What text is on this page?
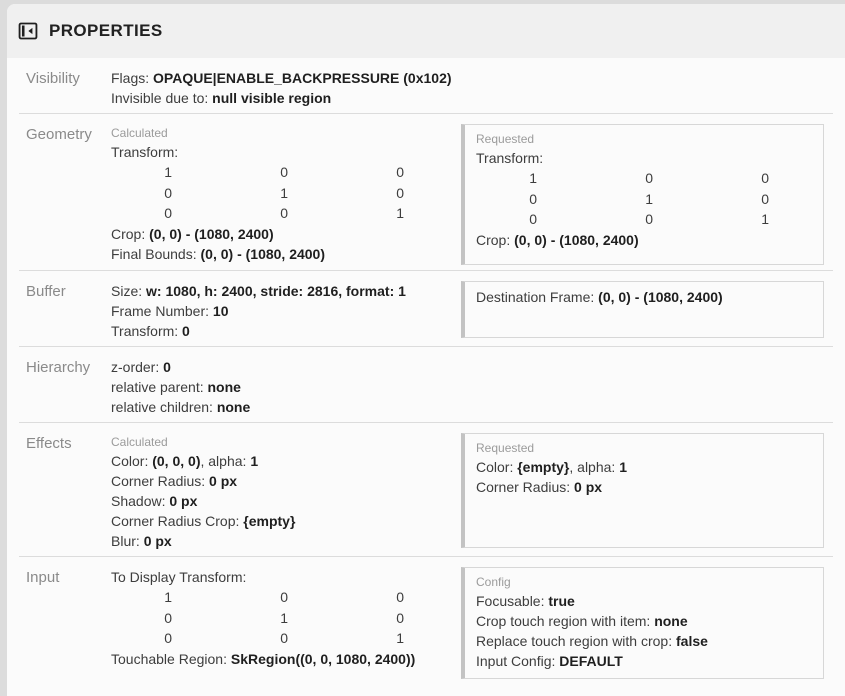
PROPERTIES
Visibility	Flags: OPAQUE|ENABLE_BACKPRESSURE (0x102)
Invisible due to: null visible region
Geometry	Calculated
Transform:
1	0	0
0	1	0
0	0	1
Crop: (0, 0) - (1080, 2400)
Final Bounds: (0, 0) - (1080, 2400)
Requested
Transform:
1	0	0
0	1	0
0	0	1
Crop: (0, 0) - (1080, 2400)
Buffer	Size: w: 1080, h: 2400, stride: 2816, format: 1
Frame Number: 10
Transform: 0
Destination Frame: (0, 0) - (1080, 2400)
Hierarchy	z-order: 0
relative parent: none
relative children: none
Effects	Calculated
Color: (0, 0, 0), alpha: 1
Corner Radius: 0 px
Shadow: 0 px
Corner Radius Crop: {empty}
Blur: 0 px
Requested
Color: {empty}, alpha: 1
Corner Radius: 0 px
Input	To Display Transform:
1	0	0
0	1	0
0	0	1
Touchable Region: SkRegion((0, 0, 1080, 2400))
Config
Focusable: true
Crop touch region with item: none
Replace touch region with crop: false
Input Config: DEFAULT
